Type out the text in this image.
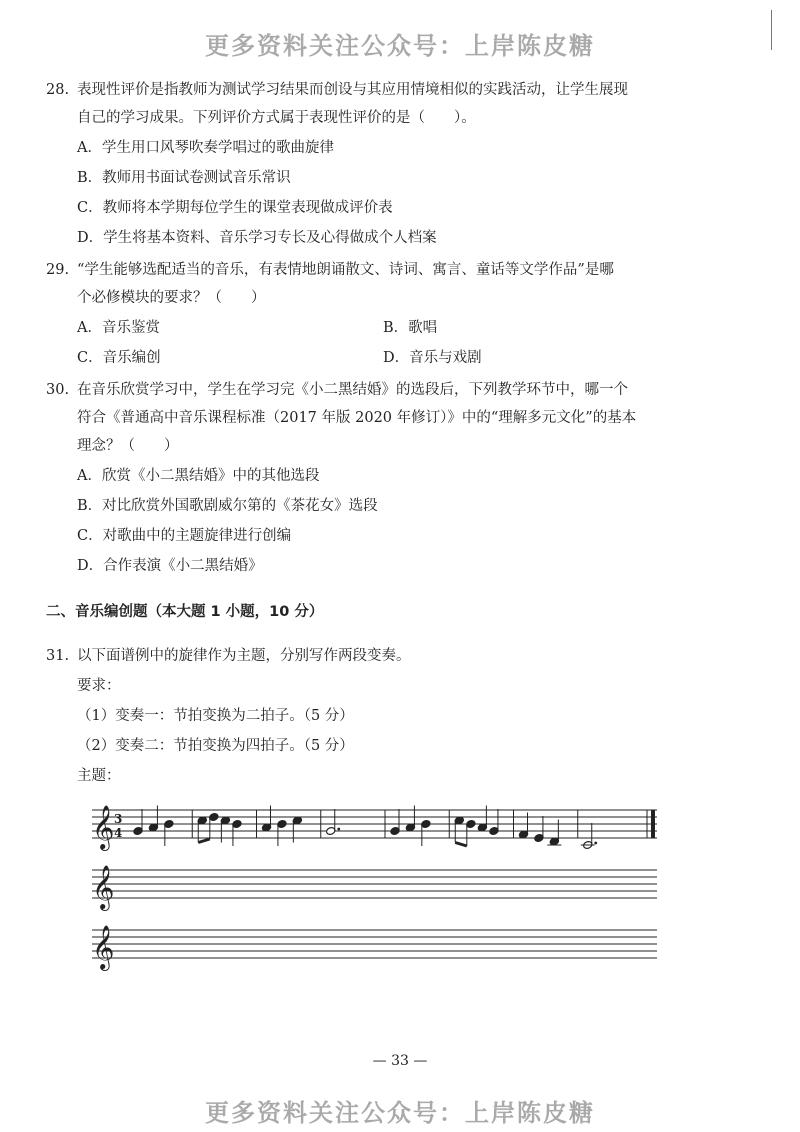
更多资料关注公众号：上岸陈皮糖
28. 表现性评价是指教师为测试学习结果而创设与其应用情境相似的实践活动，让学生展现
自己的学习成果。下列评价方式属于表现性评价的是（　　）。
A．学生用口风琴吹奏学唱过的歌曲旋律
B．教师用书面试卷测试音乐常识
C．教师将本学期每位学生的课堂表现做成评价表
D．学生将基本资料、音乐学习专长及心得做成个人档案
29. “学生能够选配适当的音乐，有表情地朗诵散文、诗词、寓言、童话等文学作品”是哪
个必修模块的要求？（　　）
A．音乐鉴赏	B．歌唱
C．音乐编创	D．音乐与戏剧
30. 在音乐欣赏学习中，学生在学习完《小二黑结婚》的选段后，下列教学环节中，哪一个
符合《普通高中音乐课程标准（2017 年版 2020 年修订）》中的“理解多元文化”的基本
理念？（　　）
A．欣赏《小二黑结婚》中的其他选段
B．对比欣赏外国歌剧威尔第的《茶花女》选段
C．对歌曲中的主题旋律进行创编
D．合作表演《小二黑结婚》
二、音乐编创题（本大题 1 小题，10 分）
31. 以下面谱例中的旋律作为主题，分别写作两段变奏。
要求：
（1）变奏一：节拍变换为二拍子。（5 分）
（2）变奏二：节拍变换为四拍子。（5 分）
主题：
𝄞 3
4
𝄞
𝄞
— 33 —
更多资料关注公众号：上岸陈皮糖
